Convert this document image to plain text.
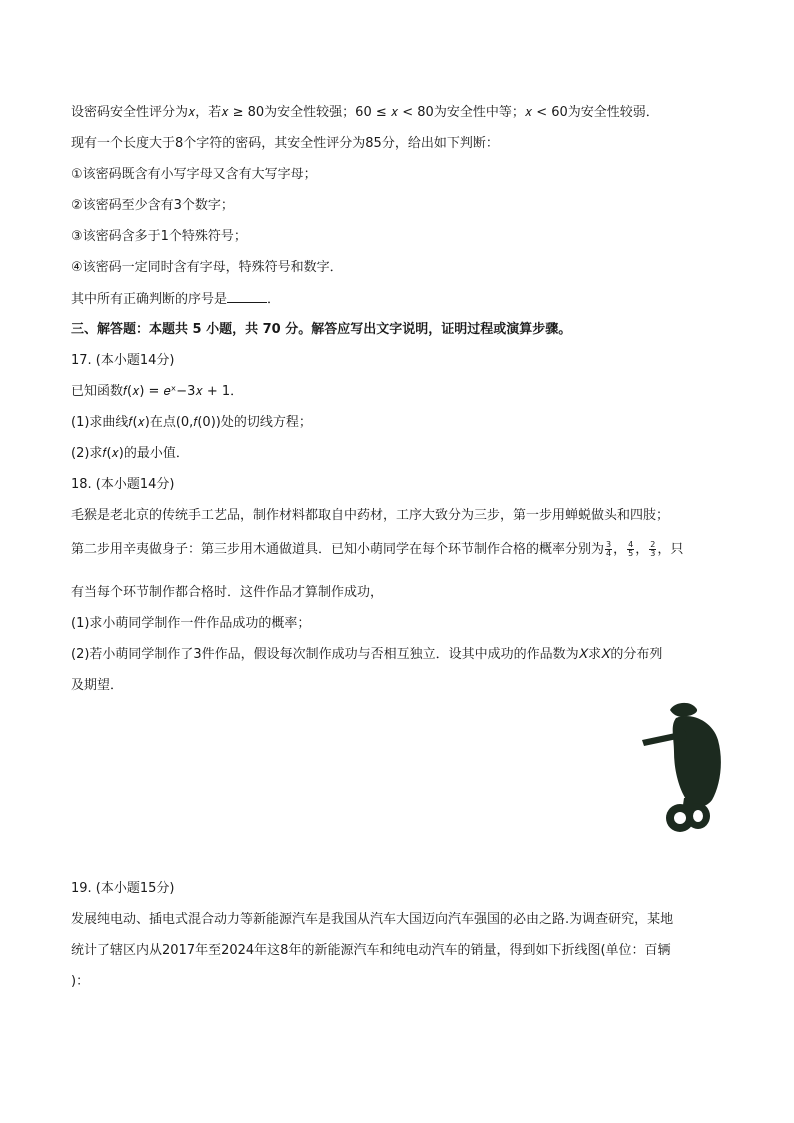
设密码安全性评分为𝑥，若𝑥 ≥ 80为安全性较强；60 ≤ 𝑥 < 80为安全性中等；𝑥 < 60为安全性较弱．
现有一个长度大于8个字符的密码，其安全性评分为85分，给出如下判断：
①该密码既含有小写字母又含有大写字母；
②该密码至少含有3个数字；
③该密码含多于1个特殊符号；
④该密码一定同时含有字母，特殊符号和数字．
其中所有正确判断的序号是	．
三、解答题：本题共 5 小题，共 70 分。解答应写出文字说明，证明过程或演算步骤。
17. (本小题14分)
已知函数𝑓(𝑥) = 𝑒ˣ−3𝑥 + 1．
(1)求曲线𝑓(𝑥)在点(0,𝑓(0))处的切线方程；
(2)求𝑓(𝑥)的最小值．
18. (本小题14分)
毛猴是老北京的传统手工艺品，制作材料都取自中药材，工序大致分为三步，第一步用蝉蜕做头和四肢；
第二步用辛夷做身子：第三步用木通做道具．已知小萌同学在每个环节制作合格的概率分别为 $\frac{3}{4}$ ， $\frac{4}{5}$ ， $\frac{2}{3}$ ，只
有当每个环节制作都合格时．这件作品才算制作成功，
(1)求小萌同学制作一件作品成功的概率；
(2)若小萌同学制作了3件作品，假设每次制作成功与否相互独立．设其中成功的作品数为𝑋求𝑋的分布列
及期望．
19. (本小题15分)
发展纯电动、插电式混合动力等新能源汽车是我国从汽车大国迈向汽车强国的必由之路.为调查研究，某地
统计了辖区内从2017年至2024年这8年的新能源汽车和纯电动汽车的销量，得到如下折线图(单位：百辆
)：
